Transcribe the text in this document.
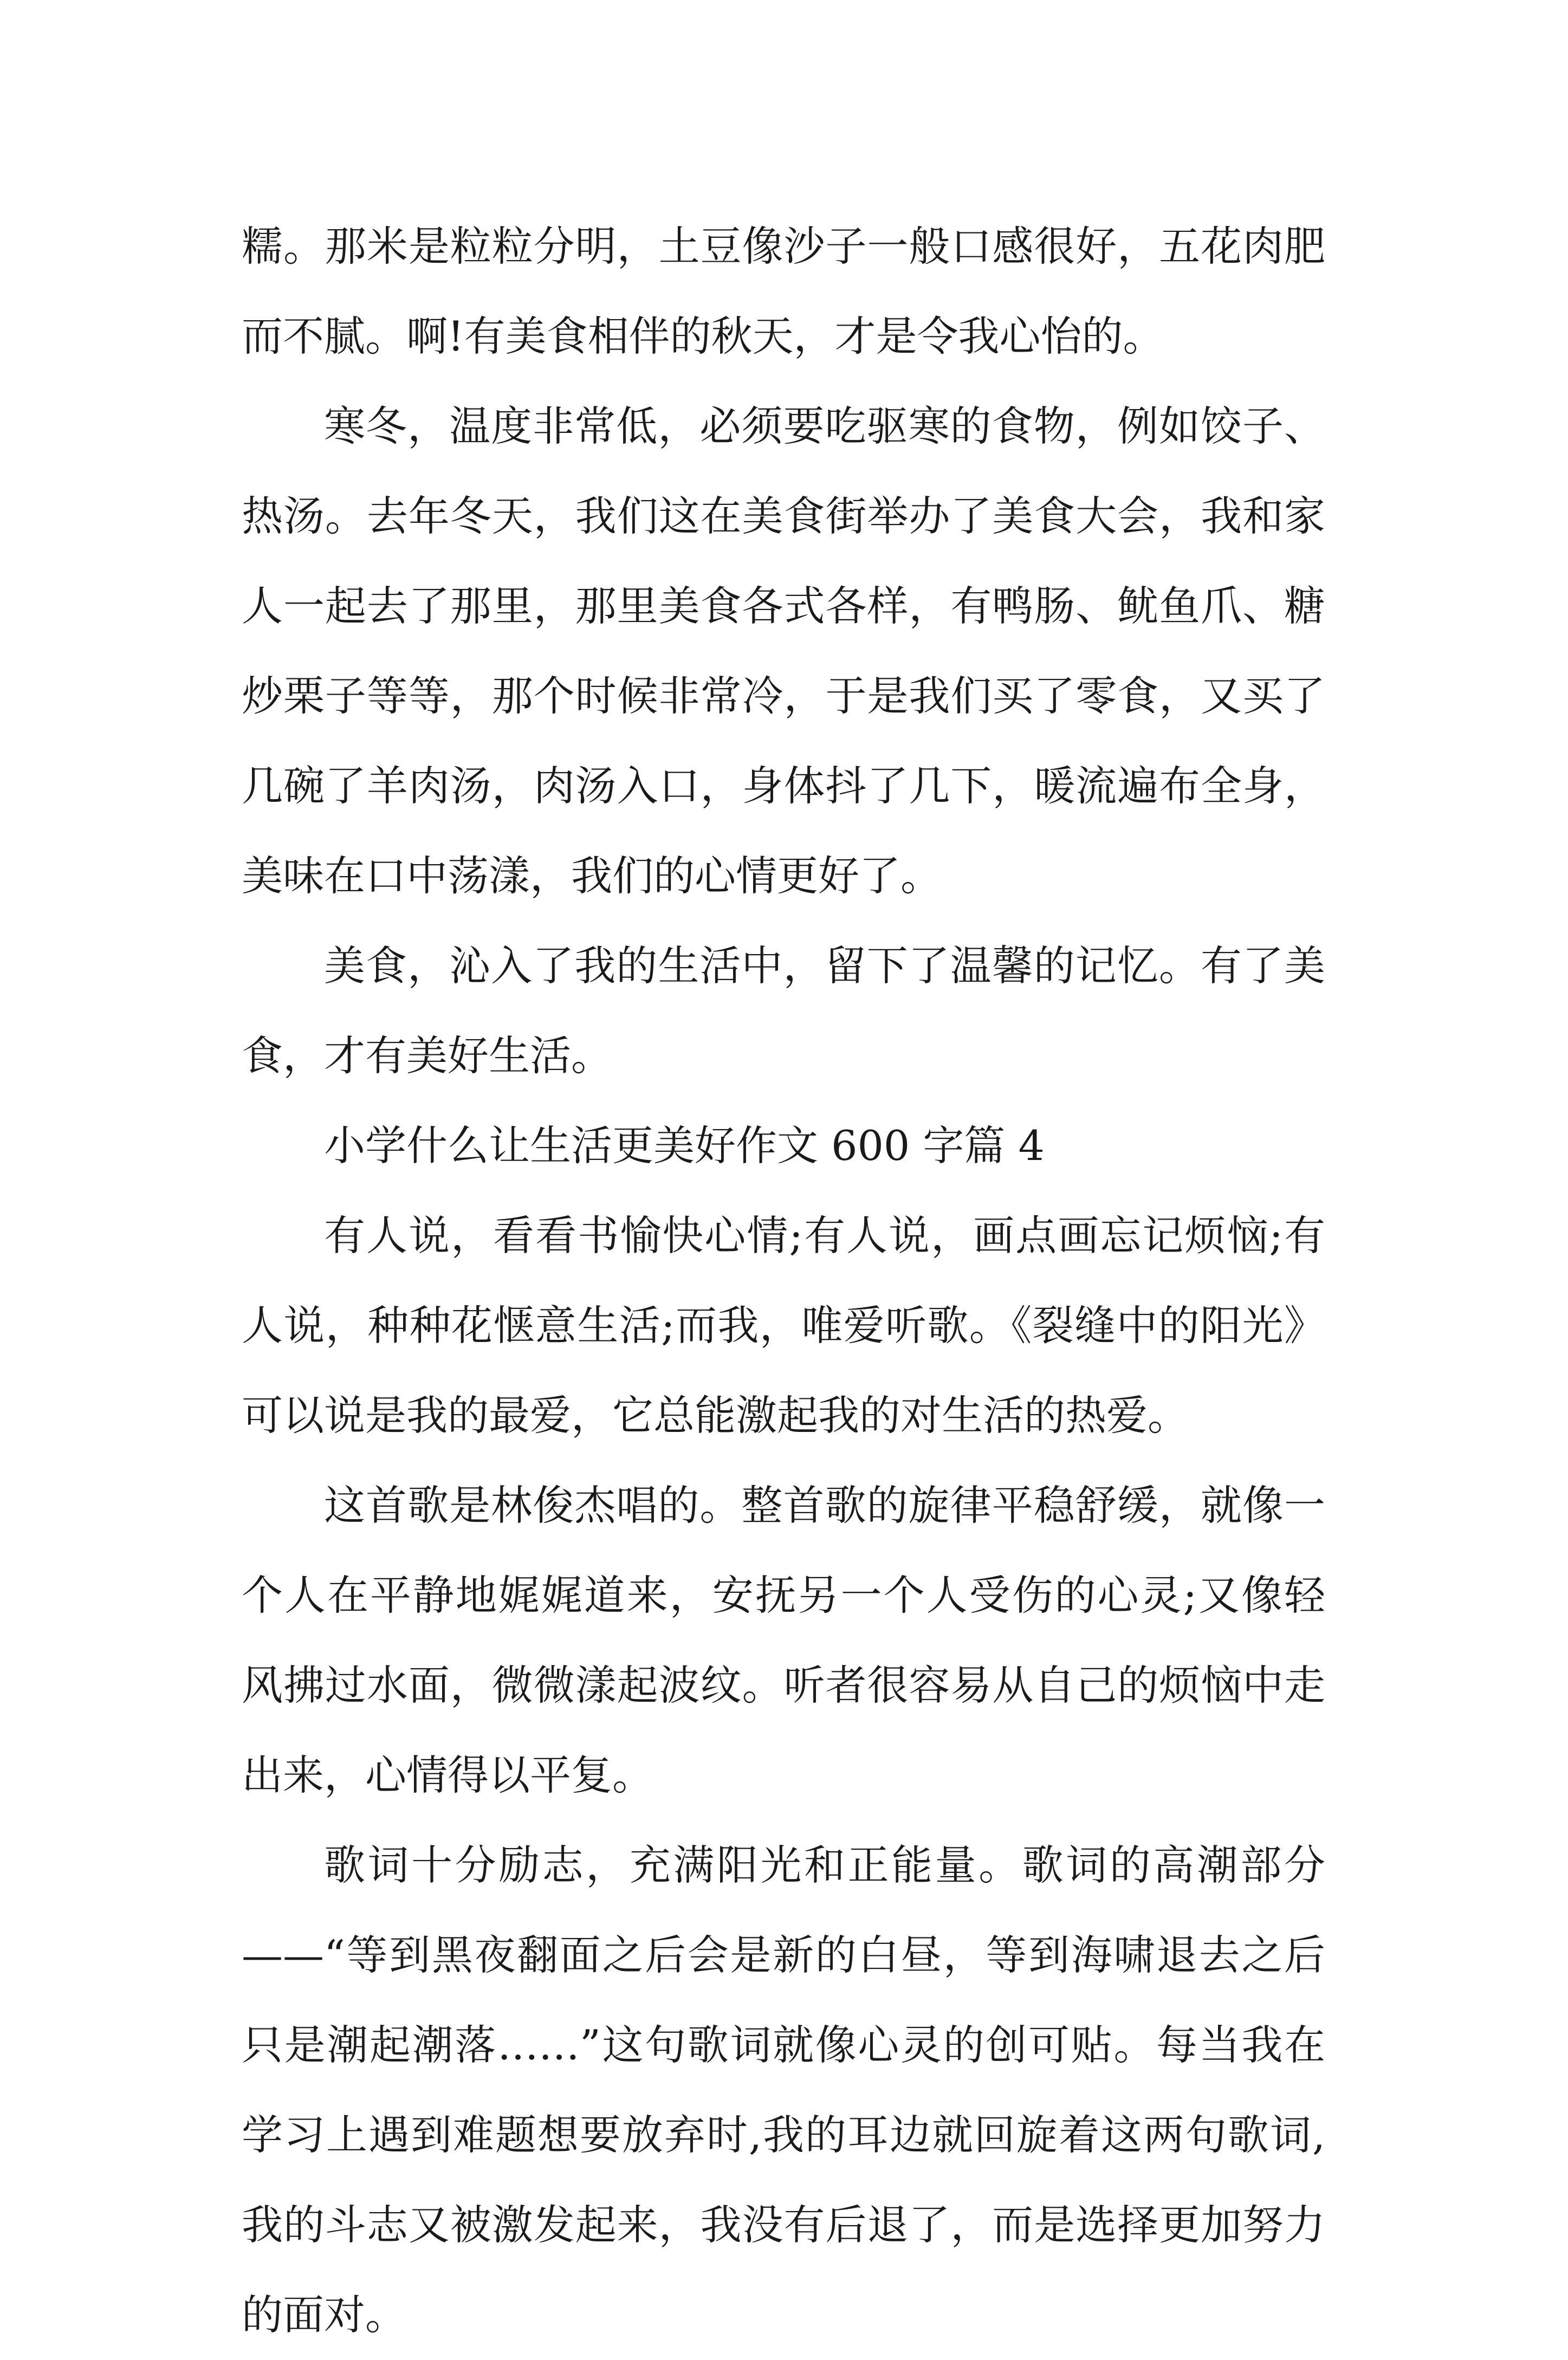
糯。那米是粒粒分明，土豆像沙子一般口感很好，五花肉肥而不腻。啊!有美食相伴的秋天，才是令我心怡的。

寒冬，温度非常低，必须要吃驱寒的食物，例如饺子、热汤。去年冬天，我们这在美食街举办了美食大会，我和家人一起去了那里，那里美食各式各样，有鸭肠、鱿鱼爪、糖炒栗子等等，那个时候非常冷，于是我们买了零食，又买了几碗了羊肉汤，肉汤入口，身体抖了几下，暖流遍布全身，美味在口中荡漾，我们的心情更好了。

美食，沁入了我的生活中，留下了温馨的记忆。有了美食，才有美好生活。

小学什么让生活更美好作文 600 字篇 4

有人说，看看书愉快心情;有人说，画点画忘记烦恼;有人说，种种花惬意生活;而我，唯爱听歌。《裂缝中的阳光》可以说是我的最爱，它总能激起我的对生活的热爱。

这首歌是林俊杰唱的。整首歌的旋律平稳舒缓，就像一个人在平静地娓娓道来，安抚另一个人受伤的心灵;又像轻风拂过水面，微微漾起波纹。听者很容易从自己的烦恼中走出来，心情得以平复。

歌词十分励志，充满阳光和正能量。歌词的高潮部分——“等到黑夜翻面之后会是新的白昼，等到海啸退去之后只是潮起潮落……”这句歌词就像心灵的创可贴。每当我在学习上遇到难题想要放弃时,我的耳边就回旋着这两句歌词,我的斗志又被激发起来，我没有后退了，而是选择更加努力的面对。
